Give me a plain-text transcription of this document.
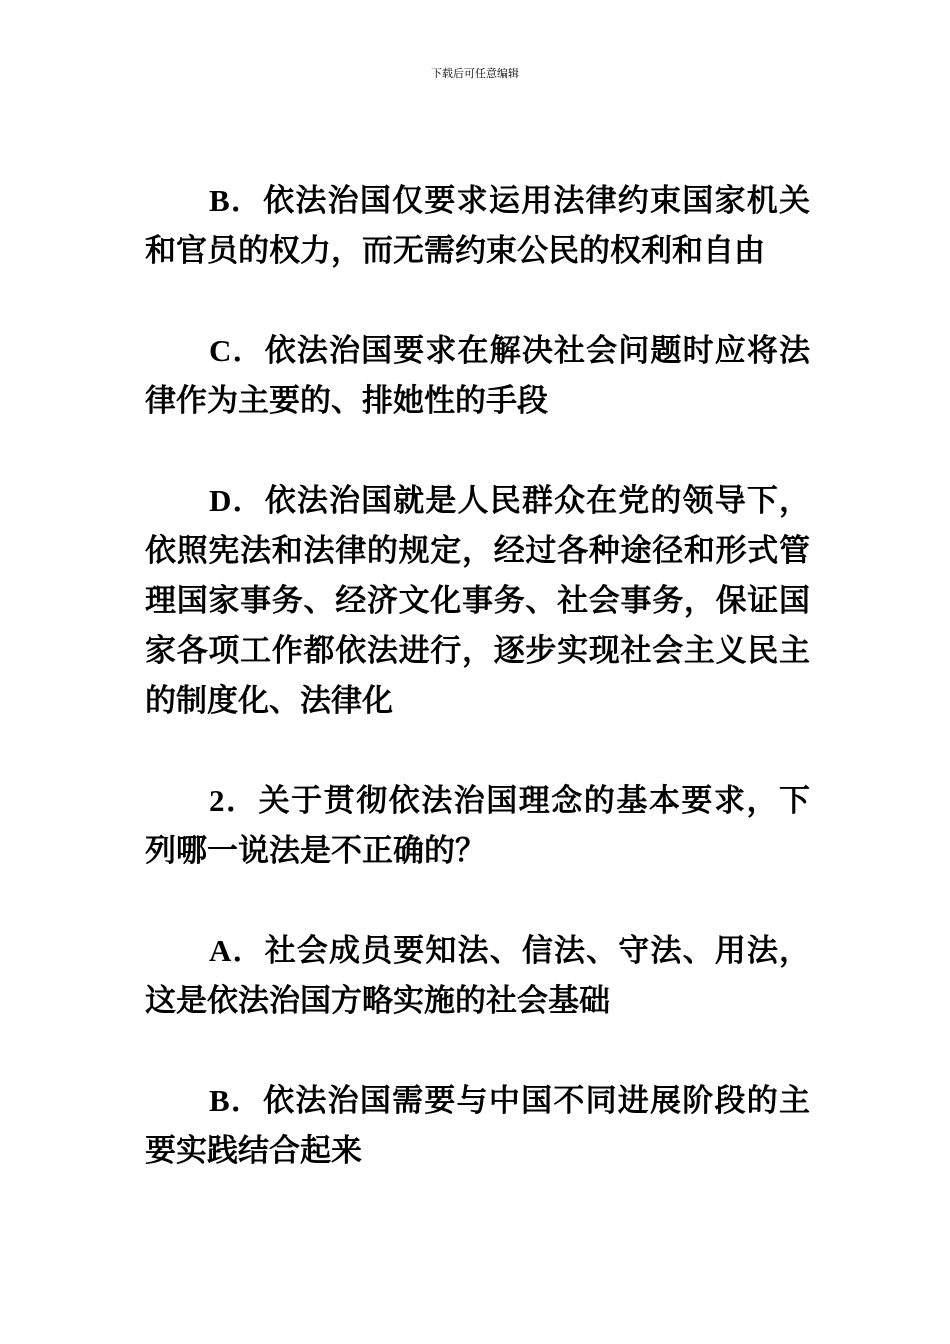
下载后可任意编辑

B．依法治国仅要求运用法律约束国家机关和官员的权力，而无需约束公民的权利和自由

C．依法治国要求在解决社会问题时应将法律作为主要的、排她性的手段

D．依法治国就是人民群众在党的领导下，依照宪法和法律的规定，经过各种途径和形式管理国家事务、经济文化事务、社会事务，保证国家各项工作都依法进行，逐步实现社会主义民主的制度化、法律化

2．关于贯彻依法治国理念的基本要求，下列哪一说法是不正确的？

A．社会成员要知法、信法、守法、用法，这是依法治国方略实施的社会基础

B．依法治国需要与中国不同进展阶段的主要实践结合起来
